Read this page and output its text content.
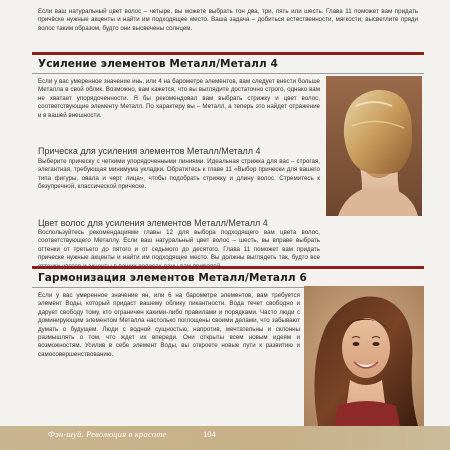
Если ваш натуральный цвет волос – четыре, вы можете выбрать тон два, три, пять или шесть. Глава 11 поможет вам придать причёске нужные акценты и найти им подходящее место. Ваша задача – добиться естественности, мягкости; высветлите пряди волос таким образом, будто они высвечены солнцем.

Усиление элементов Металл/Металл 4

Если у вас умеренное значение инь, или 4 на барометре элементов, вам следует внести больше Металла в свой облик. Возможно, вам кажется, что вы выглядите достаточно строго, однако вам не хватает упорядоченности. Я бы рекомендовал вам выбрать стрижку и цвет волос, соответствующие элементу Металл. По характеру вы – Металл, а теперь это найдет отражение и в вашей внешности.

Прическа для усиления элементов Металл/Металл 4

Выберите прическу с четкими упорядоченными линиями. Идеальная стрижка для вас – строгая, элегантная, требующая минимума укладки. Обратитесь к главе 11 «Выбор прически для вашего типа фигуры, овала и черт лица», чтобы подобрать стрижку и длину волос. Стремитесь к безупречной, классической прическе.

Цвет волос для усиления элементов Металл/Металл 4

Воспользуйтесь рекомендациями главы 12 для выбора подходящего вам цвета волос, соответствующего Металлу. Если ваш натуральный цвет волос – шесть, вы вправе выбрать оттенки от третьего до пятого и от седьмого до десятого. Глава 11 поможет вам придать прическе нужные акценты и найти им подходящее место. Вы должны выглядеть так, будто все

Гармонизация элементов Металл/Металл 6

Если у вас умеренное значение ян, или 6 на барометре элементов, вам требуется элемент Воды, который придаст вашему облику пикантности. Вода течет свободно и дарует свободу тому, кто ограничен какими-либо правилами и порядками. Часто люди с доминирующим элементом Металла настолько поглощены своими делами, что забывают думать о будущем. Люди с водной сущностью, напротив, мечтательны и склонны размышлять о том, что ждет их впереди. Они открыты всем новым идеям и возможностям. Усилив в себе элемент Воды, вы откроете новые пути к развитию и самосовершенствованию.

Фэн-шуй. Революция в красоте	104
